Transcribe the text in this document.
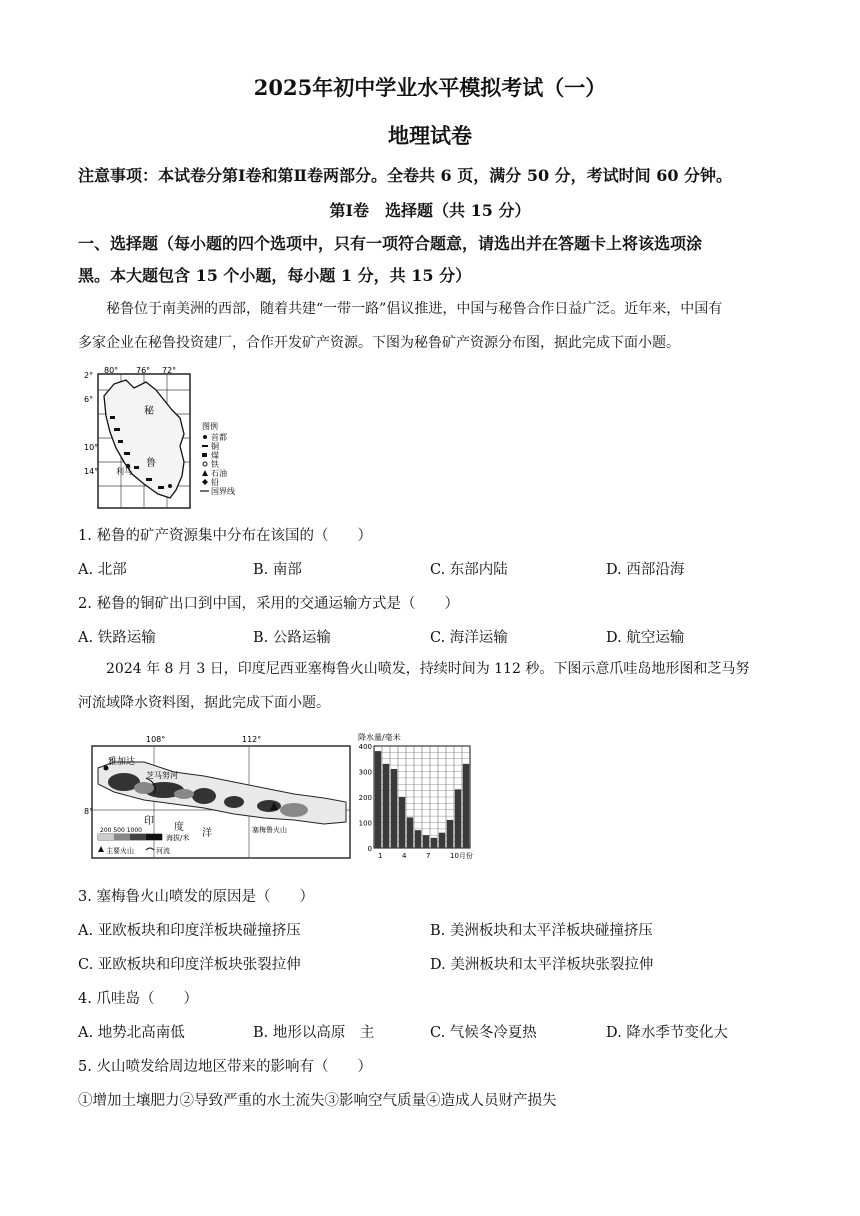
2025年初中学业水平模拟考试（一）
地理试卷
注意事项：本试卷分第Ⅰ卷和第Ⅱ卷两部分。全卷共 6 页，满分 50 分，考试时间 60 分钟。
第Ⅰ卷　选择题（共 15 分）
一、选择题（每小题的四个选项中，只有一项符合题意，请选出并在答题卡上将该选项涂
黑。本大题包含 15 个小题，每小题 1 分，共 15 分）
秘鲁位于南美洲的西部，随着共建“一带一路”倡议推进，中国与秘鲁合作日益广泛。近年来，中国有
多家企业在秘鲁投资建厂，合作开发矿产资源。下图为秘鲁矿产资源分布图，据此完成下面小题。
2°
6°
10°
14°
80° 76° 72°
秘
鲁
利马
图例
首都
铜
煤
铁
石油
铅
国界线
1. 秘鲁的矿产资源集中分布在该国的（　　）
A. 北部	B. 南部	C. 东部内陆	D. 西部沿海
2. 秘鲁的铜矿出口到中国，采用的交通运输方式是（　　）
A. 铁路运输	B. 公路运输	C. 海洋运输	D. 航空运输
2024 年 8 月 3 日，印度尼西亚塞梅鲁火山喷发，持续时间为 112 秒。下图示意爪哇岛地形图和芝马努
河流域降水资料图，据此完成下面小题。
108°	112°
8°
雅加达
芝马努河
印
度
洋	塞梅鲁火山
200 500 1000
海拔/米
主要火山	河流
降水量/毫米
0
100
200
300
400
1	4	7	10月份
3. 塞梅鲁火山喷发的原因是（　　）
A. 亚欧板块和印度洋板块碰撞挤压	B. 美洲板块和太平洋板块碰撞挤压
C. 亚欧板块和印度洋板块张裂拉伸	D. 美洲板块和太平洋板块张裂拉伸
4. 爪哇岛（　　）
A. 地势北高南低	B. 地形以高原　主	C. 气候冬冷夏热	D. 降水季节变化大
5. 火山喷发给周边地区带来的影响有（　　）
①增加土壤肥力②导致严重的水土流失③影响空气质量④造成人员财产损失
